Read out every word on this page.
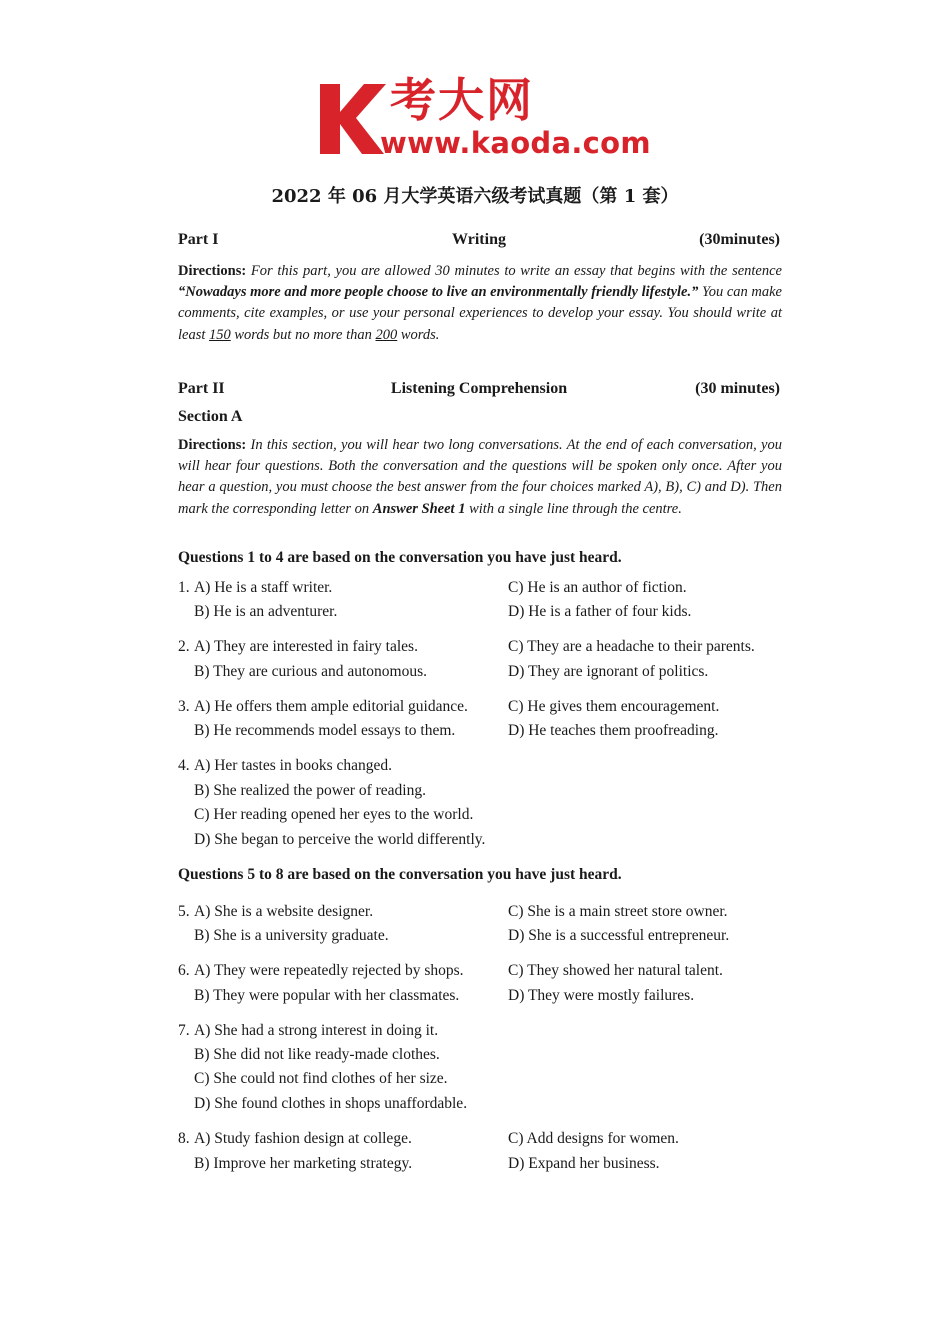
考大网
www.kaoda.com
2022 年 06 月大学英语六级考试真题（第 1 套）
Part I	Writing	(30minutes)
Directions: For this part, you are allowed 30 minutes to write an essay that begins with the sentence “Nowadays more and more people choose to live an environmentally friendly lifestyle.” You can make comments, cite examples, or use your personal experiences to develop your essay. You should write at least 150 words but no more than 200 words.
Part II	Listening Comprehension	(30 minutes)
Section A
Directions: In this section, you will hear two long conversations. At the end of each conversation, you will hear four questions. Both the conversation and the questions will be spoken only once. After you hear a question, you must choose the best answer from the four choices marked A), B), C) and D). Then mark the corresponding letter on Answer Sheet 1 with a single line through the centre.
Questions 1 to 4 are based on the conversation you have just heard.
1. A) He is a staff writer.
B) He is an adventurer.
C) He is an author of fiction.
D) He is a father of four kids.
2. A) They are interested in fairy tales.
B) They are curious and autonomous.
C) They are a headache to their parents.
D) They are ignorant of politics.
3. A) He offers them ample editorial guidance.
B) He recommends model essays to them.
C) He gives them encouragement.
D) He teaches them proofreading.
4. A) Her tastes in books changed.
B) She realized the power of reading.
C) Her reading opened her eyes to the world.
D) She began to perceive the world differently.
Questions 5 to 8 are based on the conversation you have just heard.
5. A) She is a website designer.
B) She is a university graduate.
C) She is a main street store owner.
D) She is a successful entrepreneur.
6. A) They were repeatedly rejected by shops.
B) They were popular with her classmates.
C) They showed her natural talent.
D) They were mostly failures.
7. A) She had a strong interest in doing it.
B) She did not like ready-made clothes.
C) She could not find clothes of her size.
D) She found clothes in shops unaffordable.
8. A) Study fashion design at college.
B) Improve her marketing strategy.
C) Add designs for women.
D) Expand her business.
